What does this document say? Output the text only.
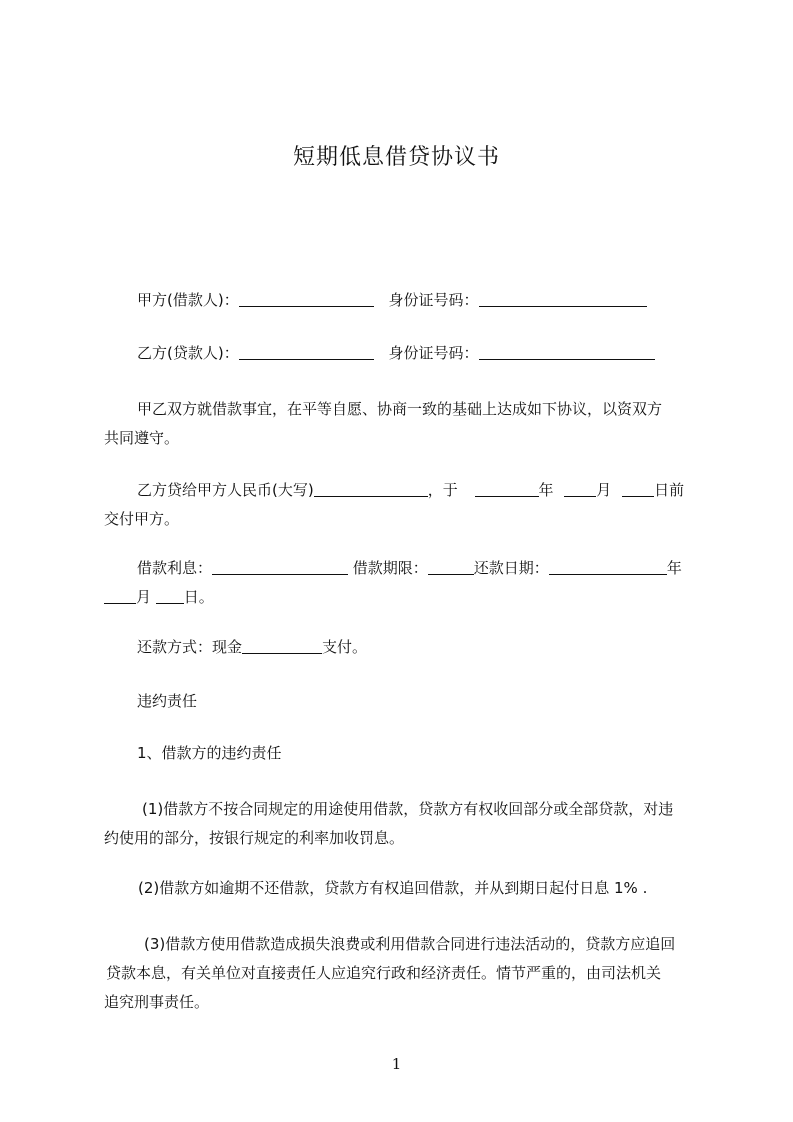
短期低息借贷协议书
甲方(借款人)：	身份证号码：
乙方(贷款人)：	身份证号码：
甲乙双方就借款事宜，在平等自愿、协商一致的基础上达成如下协议，以资双方
共同遵守。
乙方贷给甲方人民币(大写)	，于	年	月	日前
交付甲方。
借款利息：	借款期限：	还款日期：	年
月 日。
还款方式：现金	支付。
违约责任
1、借款方的违约责任
(1)借款方不按合同规定的用途使用借款，贷款方有权收回部分或全部贷款，对违
约使用的部分，按银行规定的利率加收罚息。
(2)借款方如逾期不还借款，贷款方有权追回借款，并从到期日起付日息 1% .
(3)借款方使用借款造成损失浪费或利用借款合同进行违法活动的，贷款方应追回
贷款本息，有关单位对直接责任人应追究行政和经济责任。情节严重的，由司法机关
追究刑事责任。
1
